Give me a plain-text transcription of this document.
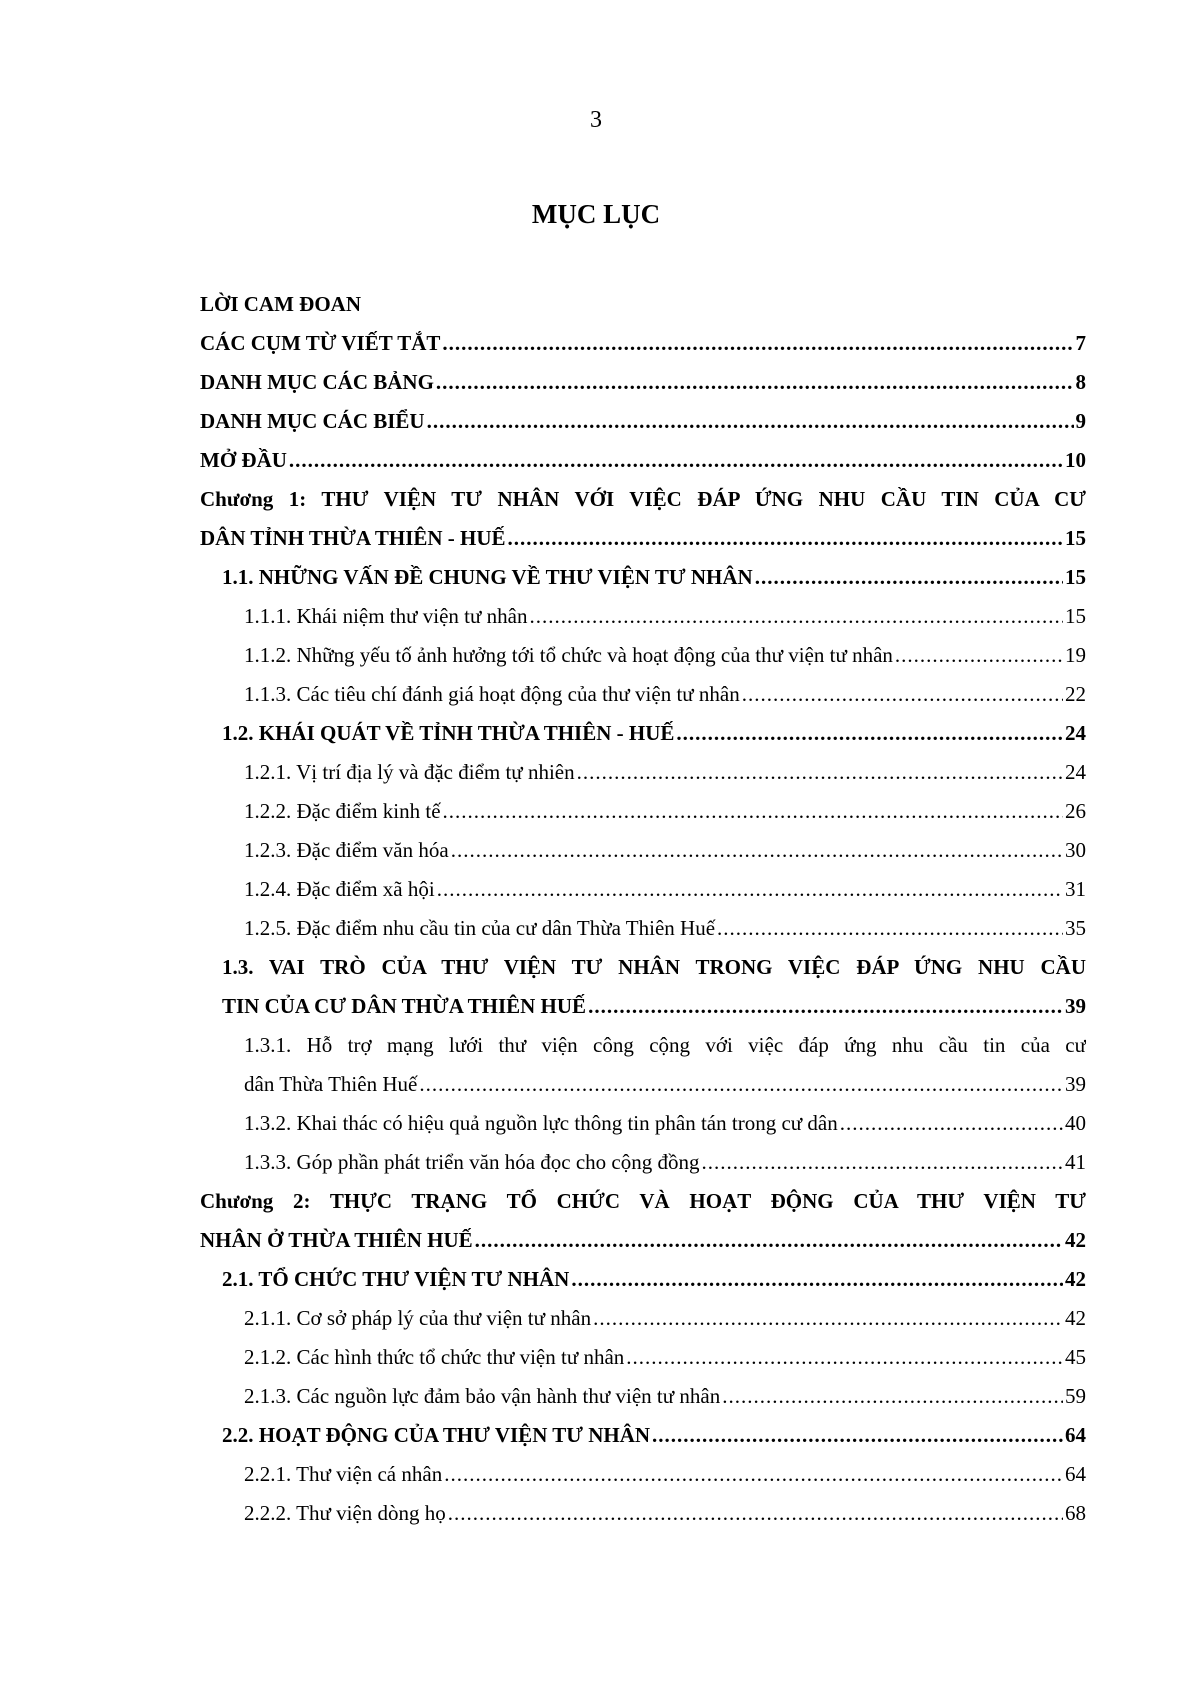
3
MỤC LỤC
LỜI CAM ĐOAN
CÁC CỤM TỪ VIẾT TẮT .....	7
DANH MỤC CÁC BẢNG .....	8
DANH MỤC CÁC BIỂU .....	9
MỞ ĐẦU .....	10
Chương 1: THƯ VIỆN TƯ NHÂN VỚI VIỆC ĐÁP ỨNG NHU CẦU TIN CỦA CƯ
DÂN TỈNH THỪA THIÊN - HUẾ .....	15
1.1. NHỮNG VẤN ĐỀ CHUNG VỀ THƯ VIỆN TƯ NHÂN .....	15
1.1.1. Khái niệm thư viện tư nhân .....	15
1.1.2. Những yếu tố ảnh hưởng tới tổ chức và hoạt động của thư viện tư nhân .....	19
1.1.3. Các tiêu chí đánh giá hoạt động của thư viện tư nhân .....	22
1.2. KHÁI QUÁT VỀ TỈNH THỪA THIÊN - HUẾ .....	24
1.2.1. Vị trí địa lý và đặc điểm tự nhiên .....	24
1.2.2. Đặc điểm kinh tế .....	26
1.2.3. Đặc điểm văn hóa .....	30
1.2.4. Đặc điểm xã hội .....	31
1.2.5. Đặc điểm nhu cầu tin của cư dân Thừa Thiên Huế .....	35
1.3. VAI TRÒ CỦA THƯ VIỆN TƯ NHÂN TRONG VIỆC ĐÁP ỨNG NHU CẦU
TIN CỦA CƯ DÂN THỪA THIÊN HUẾ .....	39
1.3.1. Hỗ trợ mạng lưới thư viện công cộng với việc đáp ứng nhu cầu tin của cư
dân Thừa Thiên Huế .....	39
1.3.2. Khai thác có hiệu quả nguồn lực thông tin phân tán trong cư dân .....	40
1.3.3. Góp phần phát triển văn hóa đọc cho cộng đồng .....	41
Chương 2: THỰC TRẠNG TỔ CHỨC VÀ HOẠT ĐỘNG CỦA THƯ VIỆN TƯ
NHÂN Ở THỪA THIÊN HUẾ .....	42
2.1. TỔ CHỨC THƯ VIỆN TƯ NHÂN .....	42
2.1.1. Cơ sở pháp lý của thư viện tư nhân .....	42
2.1.2. Các hình thức tổ chức thư viện tư nhân .....	45
2.1.3. Các nguồn lực đảm bảo vận hành thư viện tư nhân .....	59
2.2. HOẠT ĐỘNG CỦA THƯ VIỆN TƯ NHÂN .....	64
2.2.1. Thư viện cá nhân .....	64
2.2.2. Thư viện dòng họ .....	68
